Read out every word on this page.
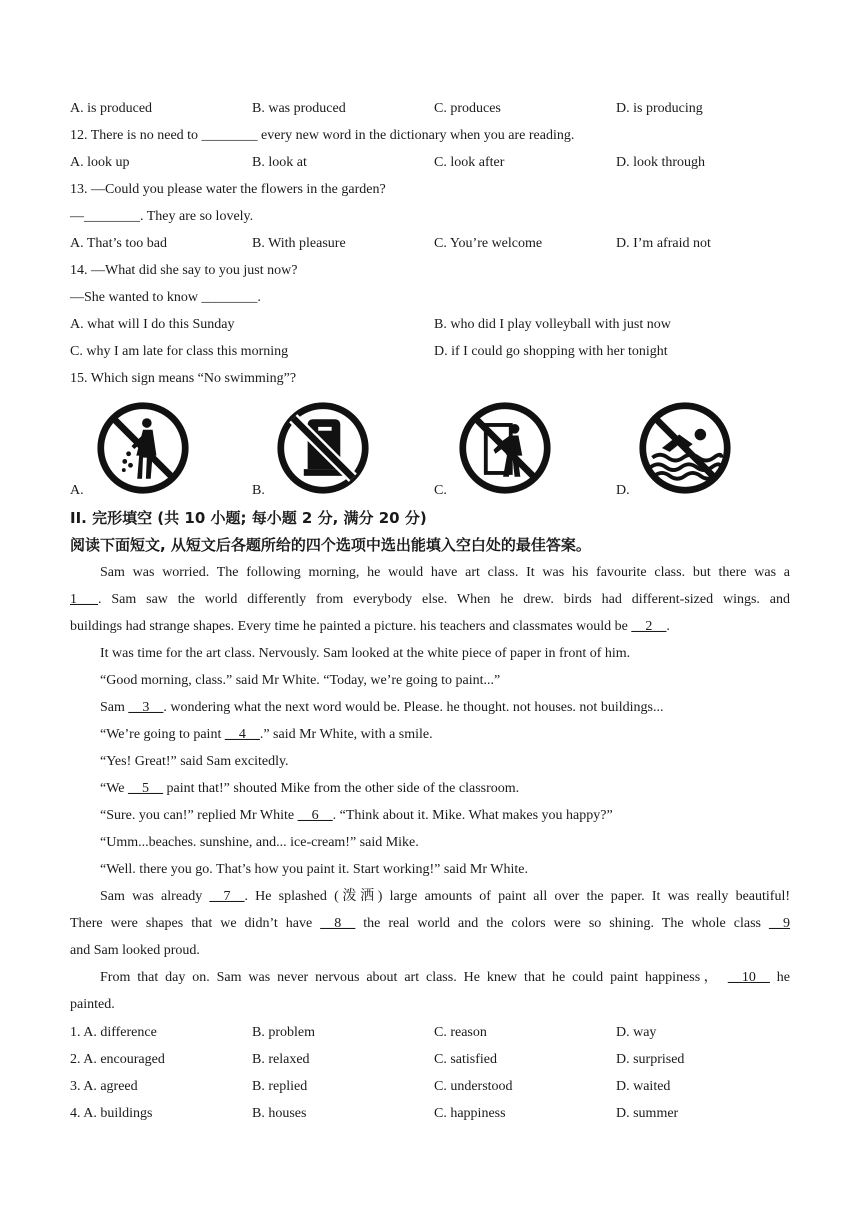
A. is produced	B. was produced	C. produces	D. is producing
12. There is no need to ________ every new word in the dictionary when you are reading.
A. look up	B. look at	C. look after	D. look through
13. —Could you please water the flowers in the garden?
—________. They are so lovely.
A. That’s too bad	B. With pleasure	C. You’re welcome	D. I’m afraid not
14. —What did she say to you just now?
—She wanted to know ________.
A. what will I do this Sunday	B. who did I play volleyball with just now
C. why I am late for class this morning	D. if I could go shopping with her tonight
15. Which sign means “No swimming”?
A.	B.	C.	D.
II. 完形填空 (共 10 小题; 每小题 2 分, 满分 20 分)
阅读下面短文, 从短文后各题所给的四个选项中选出能填入空白处的最佳答案。
Sam was worried. The following morning, he would have art class. It was his favourite class. but there was a
1___. Sam saw the world differently from everybody else. When he drew. birds had different-sized wings. and
buildings had strange shapes. Every time he painted a picture. his teachers and classmates would be __2__.
It was time for the art class. Nervously. Sam looked at the white piece of paper in front of him.
“Good morning, class.” said Mr White. “Today, we’re going to paint...”
Sam __3__. wondering what the next word would be. Please. he thought. not houses. not buildings...
“We’re going to paint __4__.” said Mr White, with a smile.
“Yes! Great!” said Sam excitedly.
“We __5__ paint that!” shouted Mike from the other side of the classroom.
“Sure. you can!” replied Mr White __6__. “Think about it. Mike. What makes you happy?”
“Umm...beaches. sunshine, and... ice-cream!” said Mike.
“Well. there you go. That’s how you paint it. Start working!” said Mr White.
Sam was already __7__. He splashed (泼洒) large amounts of paint all over the paper. It was really beautiful!
There were shapes that we didn’t have __8__ the real world and the colors were so shining. The whole class __9
and Sam looked proud.
From that day on. Sam was never nervous about art class. He knew that he could paint happiness， __10__ he
painted.
1. A. difference	B. problem	C. reason	D. way
2. A. encouraged	B. relaxed	C. satisfied	D. surprised
3. A. agreed	B. replied	C. understood	D. waited
4. A. buildings	B. houses	C. happiness	D. summer
